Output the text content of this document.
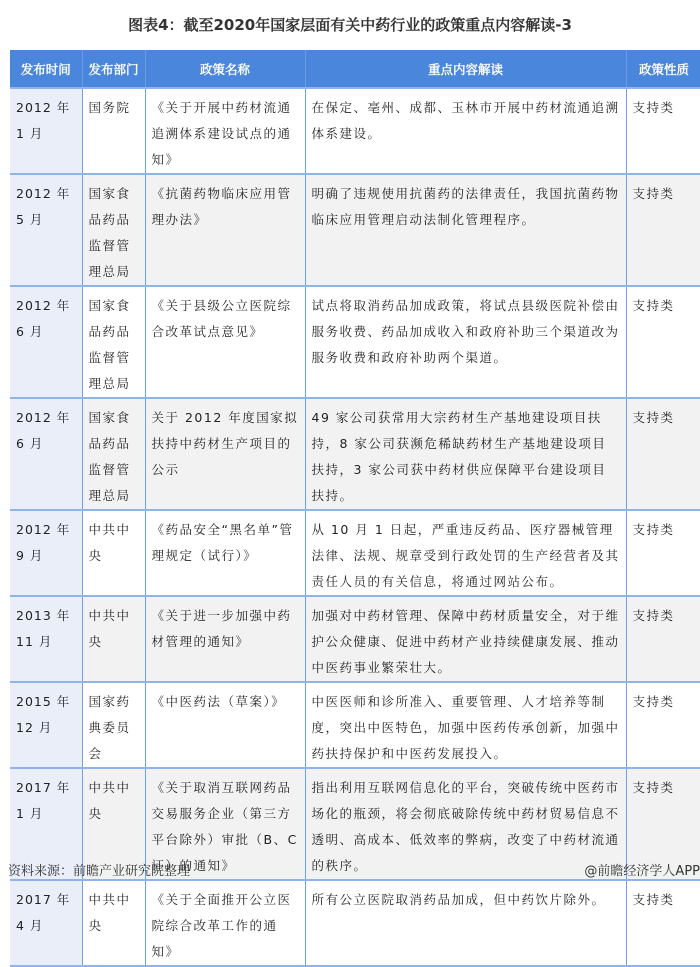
图表4：截至2020年国家层面有关中药行业的政策重点内容解读-3
发布时间	发布部门	政策名称	重点内容解读	政策性质
2012 年 1 月	国务院	《关于开展中药材流通追溯体系建设试点的通知》	在保定、亳州、成都、玉林市开展中药材流通追溯体系建设。	支持类
2012 年 5 月	国家食品药品监督管理总局	《抗菌药物临床应用管理办法》	明确了违规使用抗菌药的法律责任，我国抗菌药物临床应用管理启动法制化管理程序。	支持类
2012 年 6 月	国家食品药品监督管理总局	《关于县级公立医院综合改革试点意见》	试点将取消药品加成政策，将试点县级医院补偿由服务收费、药品加成收入和政府补助三个渠道改为服务收费和政府补助两个渠道。	支持类
2012 年 6 月	国家食品药品监督管理总局	关于 2012 年度国家拟扶持中药材生产项目的公示	49 家公司获常用大宗药材生产基地建设项目扶持，8 家公司获濒危稀缺药材生产基地建设项目扶持，3 家公司获中药材供应保障平台建设项目扶持。	支持类
2012 年 9 月	中共中央	《药品安全“黑名单”管理规定（试行）》	从 10 月 1 日起，严重违反药品、医疗器械管理法律、法规、规章受到行政处罚的生产经营者及其责任人员的有关信息，将通过网站公布。	支持类
2013 年 11 月	中共中央	《关于进一步加强中药材管理的通知》	加强对中药材管理、保障中药材质量安全，对于维护公众健康、促进中药材产业持续健康发展、推动中医药事业繁荣壮大。	支持类
2015 年 12 月	国家药典委员会	《中医药法（草案）》	中医医师和诊所准入、重要管理、人才培养等制度，突出中医特色，加强中医药传承创新，加强中药扶持保护和中医药发展投入。	支持类
2017 年 1 月	中共中央	《关于取消互联网药品交易服务企业（第三方平台除外）审批（B、C 证）的通知》	指出利用互联网信息化的平台，突破传统中医药市场化的瓶颈，将会彻底破除传统中药材贸易信息不透明、高成本、低效率的弊病，改变了中药材流通的秩序。	支持类
2017 年 4 月	中共中央	《关于全面推开公立医院综合改革工作的通知》	所有公立医院取消药品加成，但中药饮片除外。	支持类
资料来源：前瞻产业研究院整理	@前瞻经济学人APP
